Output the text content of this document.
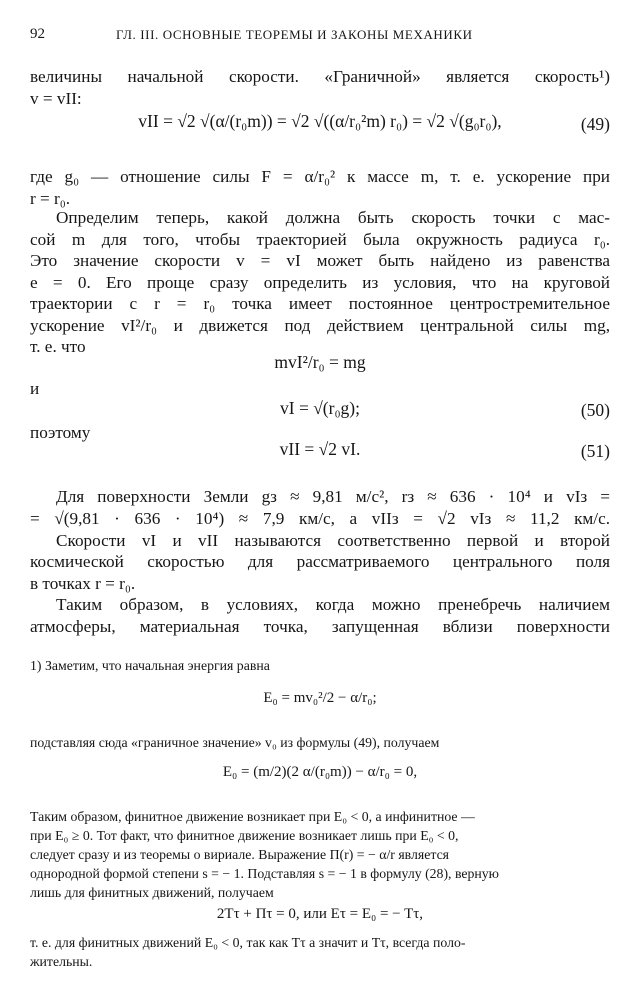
92	ГЛ. III. ОСНОВНЫЕ ТЕОРЕМЫ И ЗАКОНЫ МЕХАНИКИ
величины начальной скорости. «Граничной» является скорость¹)
v = vII:
vII = √2 √(α/(r₀m)) = √2 √((α/r₀²m) r₀) = √2 √(g₀r₀),	(49)
где g₀ — отношение силы F = α/r₀² к массе m, т. е. ускорение при
r = r₀.
Определим теперь, какой должна быть скорость точки с мас-
сой m для того, чтобы траекторией была окружность радиуса r₀.
Это значение скорости v = vI может быть найдено из равенства
e = 0. Его проще сразу определить из условия, что на круговой
траектории с r = r₀ точка имеет постоянное центростремительное
ускорение vI²/r₀ и движется под действием центральной силы mg,
т. е. что
mvI²/r₀ = mg
и
vI = √(r₀g);	(50)
поэтому
vII = √2 vI.	(51)
Для поверхности Земли gз ≈ 9,81 м/с², rз ≈ 636 · 10⁴ и vIз =
= √(9,81 · 636 · 10⁴) ≈ 7,9 км/с, а vIIз = √2 vIз ≈ 11,2 км/с.
Скорости vI и vII называются соответственно первой и второй
космической скоростью для рассматриваемого центрального поля
в точках r = r₀.
Таким образом, в условиях, когда можно пренебречь наличием
атмосферы, материальная точка, запущенная вблизи поверхности
1) Заметим, что начальная энергия равна
E₀ = mv₀²/2 − α/r₀;
подставляя сюда «граничное значение» v₀ из формулы (49), получаем
E₀ = (m/2)(2 α/(r₀m)) − α/r₀ = 0,
Таким образом, финитное движение возникает при E₀ < 0, а инфинитное —
при E₀ ≥ 0. Тот факт, что финитное движение возникает лишь при E₀ < 0,
следует сразу и из теоремы о вириале. Выражение Π(r) = − α/r является
однородной формой степени s = − 1. Подставляя s = − 1 в формулу (28), верную
лишь для финитных движений, получаем
2Tτ + Πτ = 0, или Eτ = E₀ = − Tτ,
т. е. для финитных движений E₀ < 0, так как Tτ а значит и Tτ, всегда поло-
жительны.
